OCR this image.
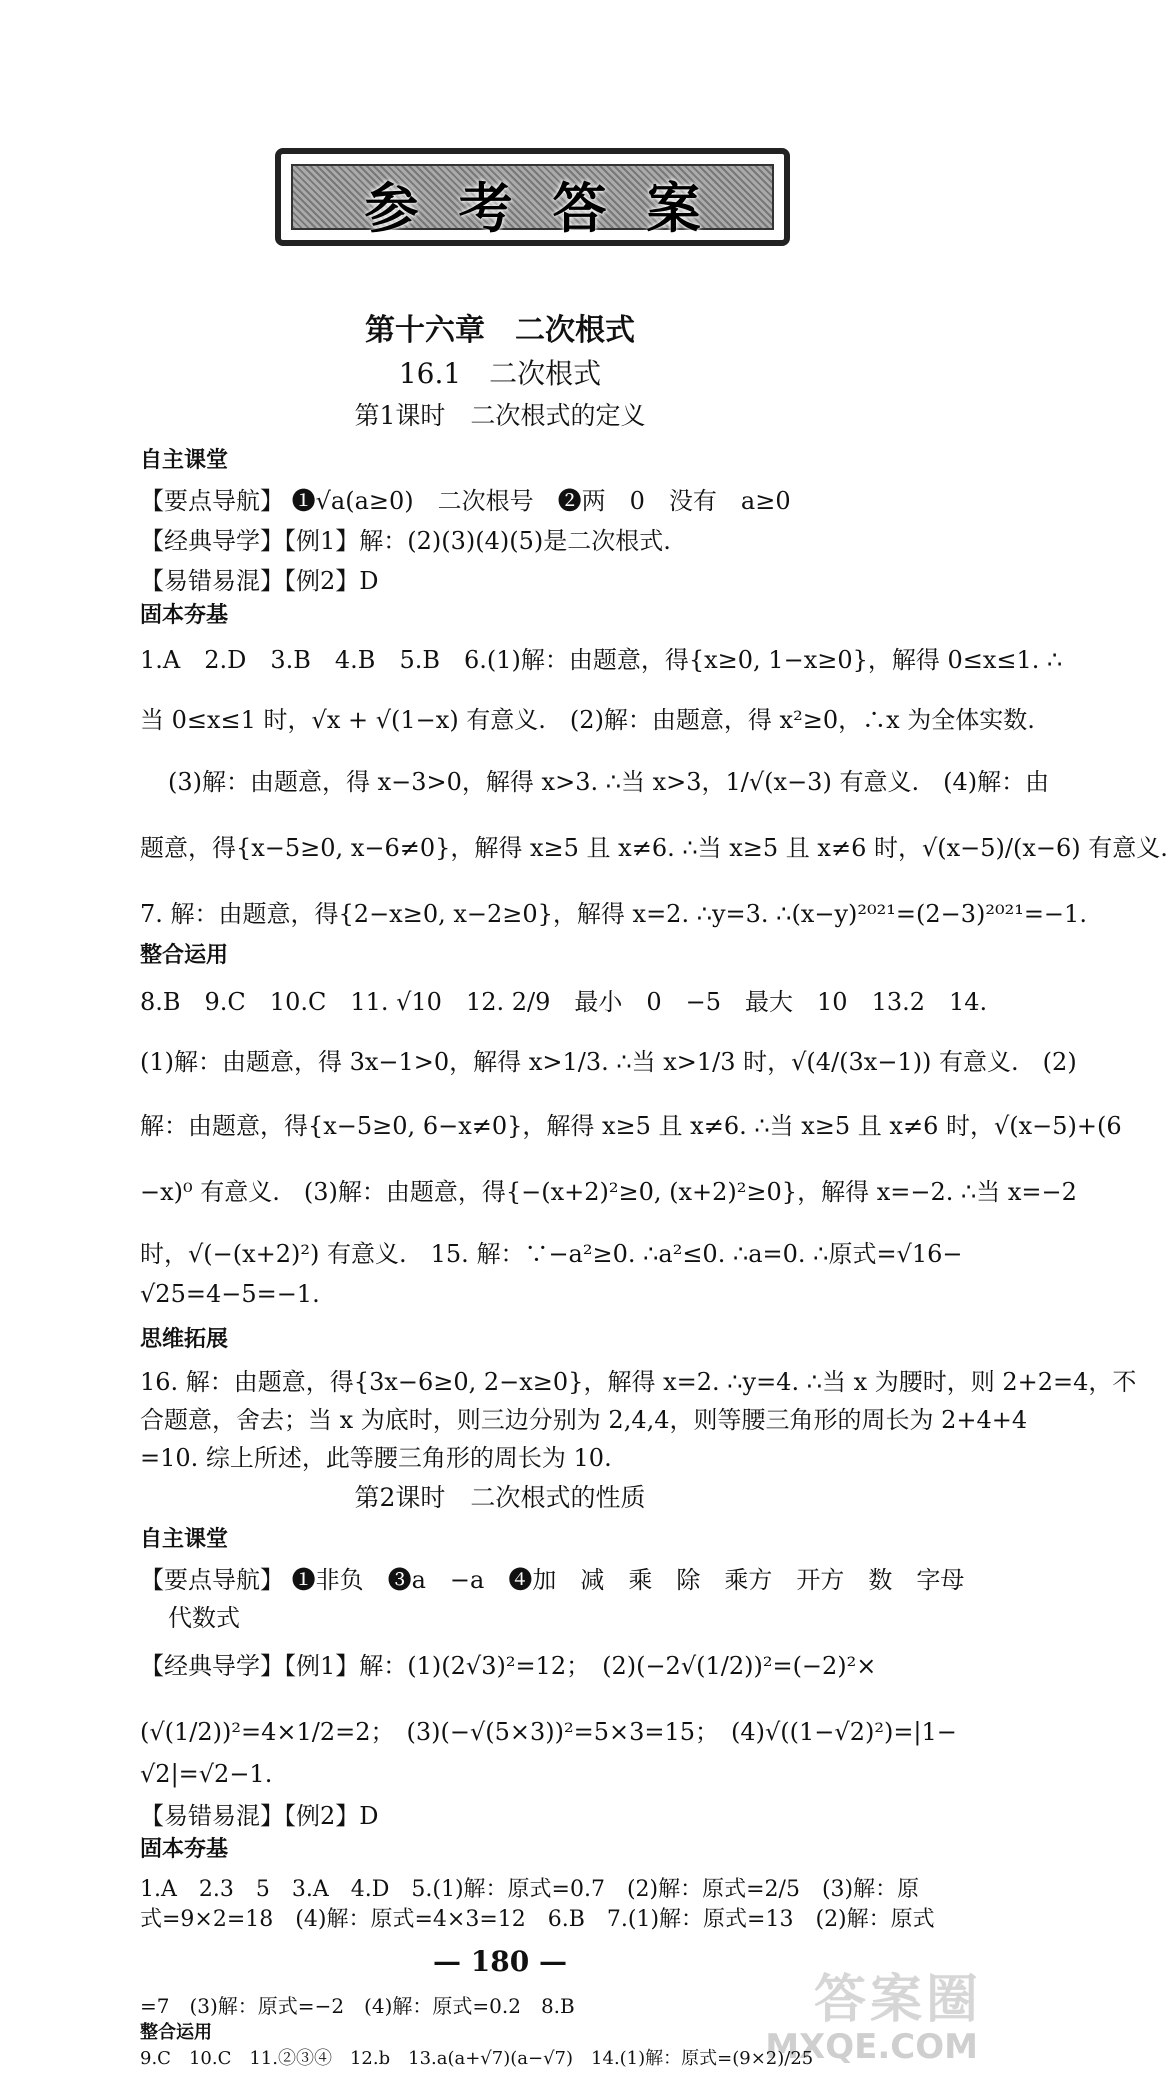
参考答案
第十六章　二次根式
16.1　二次根式
第1课时　二次根式的定义
自主课堂
【要点导航】 ❶√a(a≥0)　二次根号　❷两　0　没有　a≥0
【经典导学】【例1】解：(2)(3)(4)(5)是二次根式.
【易错易混】【例2】D
固本夯基
1.A　2.D　3.B　4.B　5.B　6.(1)解：由题意，得{x≥0, 1−x≥0}，解得 0≤x≤1. ∴
当 0≤x≤1 时，√x + √(1−x) 有意义.　(2)解：由题意，得 x²≥0，∴x 为全体实数.
(3)解：由题意，得 x−3>0，解得 x>3. ∴当 x>3，1/√(x−3) 有意义.　(4)解：由
题意，得{x−5≥0, x−6≠0}，解得 x≥5 且 x≠6. ∴当 x≥5 且 x≠6 时，√(x−5)/(x−6) 有意义.
7. 解：由题意，得{2−x≥0, x−2≥0}，解得 x=2. ∴y=3. ∴(x−y)²⁰²¹=(2−3)²⁰²¹=−1.
整合运用
8.B　9.C　10.C　11. √10　12. 2/9　最小　0　−5　最大　10　13.2　14.
(1)解：由题意，得 3x−1>0，解得 x>1/3. ∴当 x>1/3 时，√(4/(3x−1)) 有意义.　(2)
解：由题意，得{x−5≥0, 6−x≠0}，解得 x≥5 且 x≠6. ∴当 x≥5 且 x≠6 时，√(x−5)+(6
−x)⁰ 有意义.　(3)解：由题意，得{−(x+2)²≥0, (x+2)²≥0}，解得 x=−2. ∴当 x=−2
时，√(−(x+2)²) 有意义.　15. 解：∵−a²≥0. ∴a²≤0. ∴a=0. ∴原式=√16−
√25=4−5=−1.
思维拓展
16. 解：由题意，得{3x−6≥0, 2−x≥0}，解得 x=2. ∴y=4. ∴当 x 为腰时，则 2+2=4，不
合题意，舍去；当 x 为底时，则三边分别为 2,4,4，则等腰三角形的周长为 2+4+4
=10. 综上所述，此等腰三角形的周长为 10.
第2课时　二次根式的性质
自主课堂
【要点导航】 ❶非负　❸a　−a　❹加　减　乘　除　乘方　开方　数　字母
代数式
【经典导学】【例1】解：(1)(2√3)²=12；　(2)(−2√(1/2))²=(−2)²×
(√(1/2))²=4×1/2=2；　(3)(−√(5×3))²=5×3=15；　(4)√((1−√2)²)=|1−
√2|=√2−1.
【易错易混】【例2】D
固本夯基
1.A　2.3　5　3.A　4.D　5.(1)解：原式=0.7　(2)解：原式=2/5　(3)解：原
式=9×2=18　(4)解：原式=4×3=12　6.B　7.(1)解：原式=13　(2)解：原式
— 180 —
答案圈
MXQE.COM
=7　(3)解：原式=−2　(4)解：原式=0.2　8.B
整合运用
9.C　10.C　11.②③④　12.b　13.a(a+√7)(a−√7)　14.(1)解：原式=(9×2)/25
